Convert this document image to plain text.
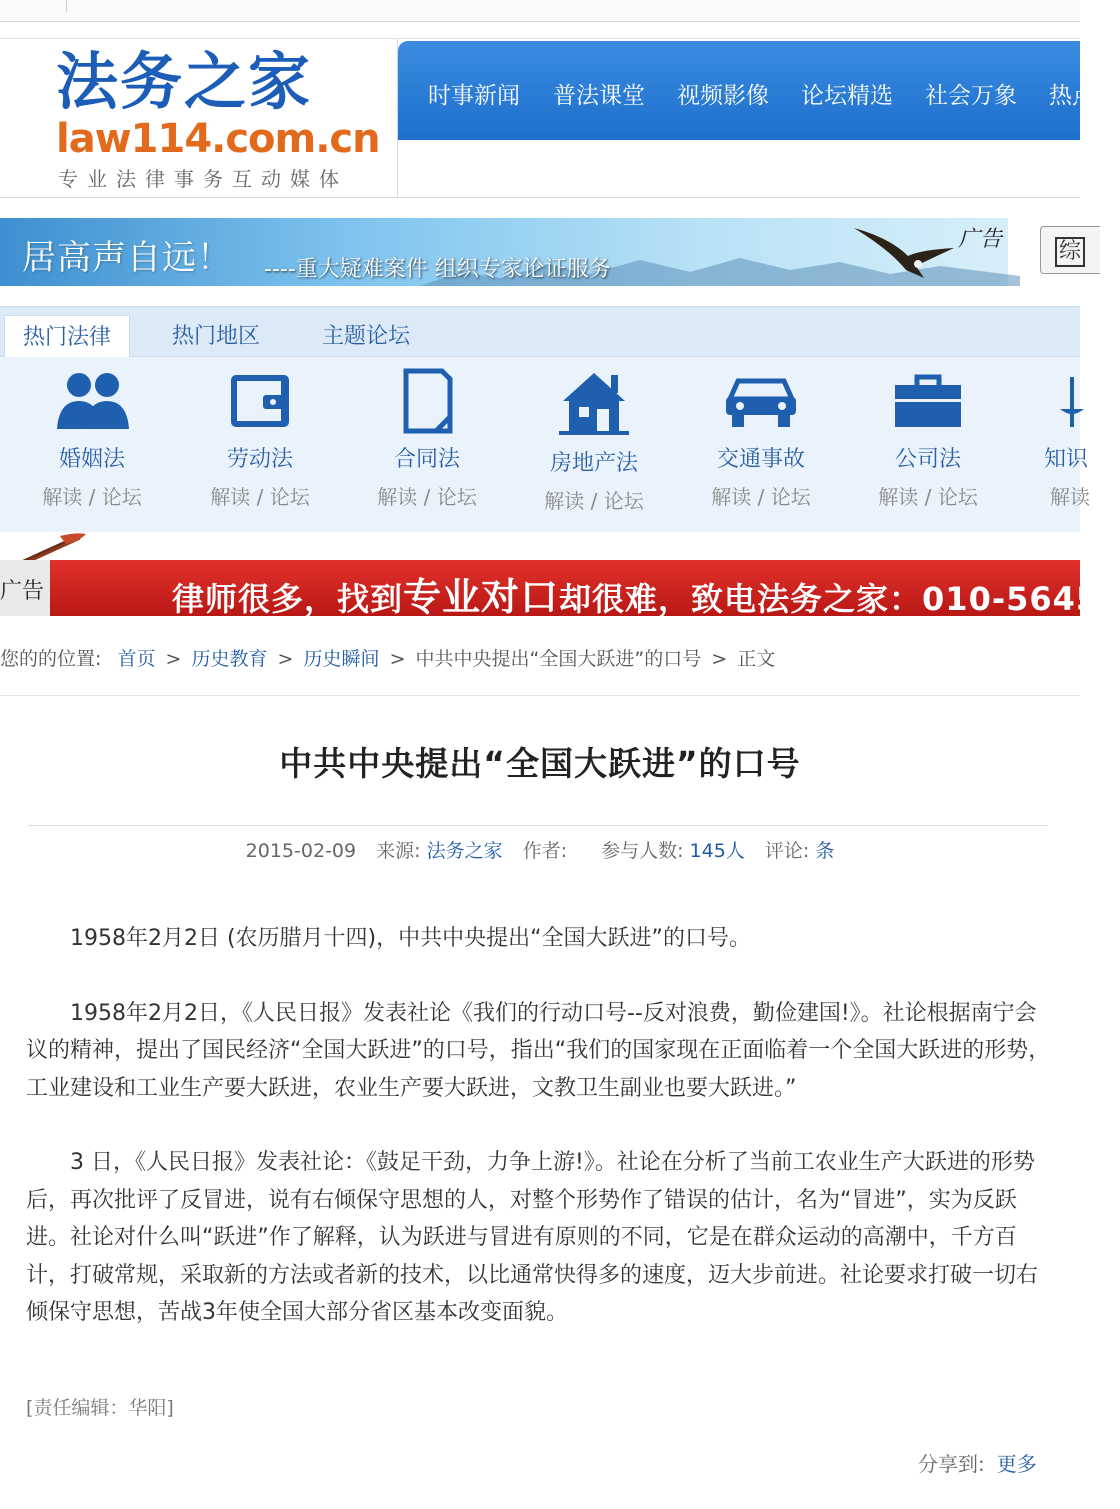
法务之家
law114.com.cn
专业法律事务互动媒体
时事新闻 普法课堂 视频影像 论坛精选 社会万象 热点
居高声自远！ ----重大疑难案件 组织专家论证服务
广告	综
热门法律	热门地区	主题论坛
婚姻法
解读 / 论坛
劳动法
解读 / 论坛
合同法
解读 / 论坛
房地产法
解读 / 论坛
交通事故
解读 / 论坛
公司法
解读 / 论坛
知识
解读
广告	律师很多，找到专业对口却很难，致电法务之家：010-5645
您的的位置: 首页 > 历史教育 > 历史瞬间 > 中共中央提出“全国大跃进”的口号 > 正文
中共中央提出“全国大跃进”的口号
2015-02-09 来源: 法务之家 作者: 参与人数: 145人 评论: 条

1958年2月2日 (农历腊月十四)，中共中央提出“全国大跃进”的口号。

1958年2月2日，《人民日报》发表社论《我们的行动口号--反对浪费，勤俭建国!》。社论根据南宁会议的精神，提出了国民经济“全国大跃进”的口号，指出“我们的国家现在正面临着一个全国大跃进的形势，工业建设和工业生产要大跃进，农业生产要大跃进，文教卫生副业也要大跃进。”

3 日，《人民日报》发表社论：《鼓足干劲，力争上游!》。社论在分析了当前工农业生产大跃进的形势后，再次批评了反冒进，说有右倾保守思想的人，对整个形势作了错误的估计，名为“冒进”，实为反跃进。社论对什么叫“跃进”作了解释，认为跃进与冒进有原则的不同，它是在群众运动的高潮中，千方百计，打破常规，采取新的方法或者新的技术，以比通常快得多的速度，迈大步前进。社论要求打破一切右倾保守思想，苦战3年使全国大部分省区基本改变面貌。

[责任编辑：华阳]
分享到: 更多
